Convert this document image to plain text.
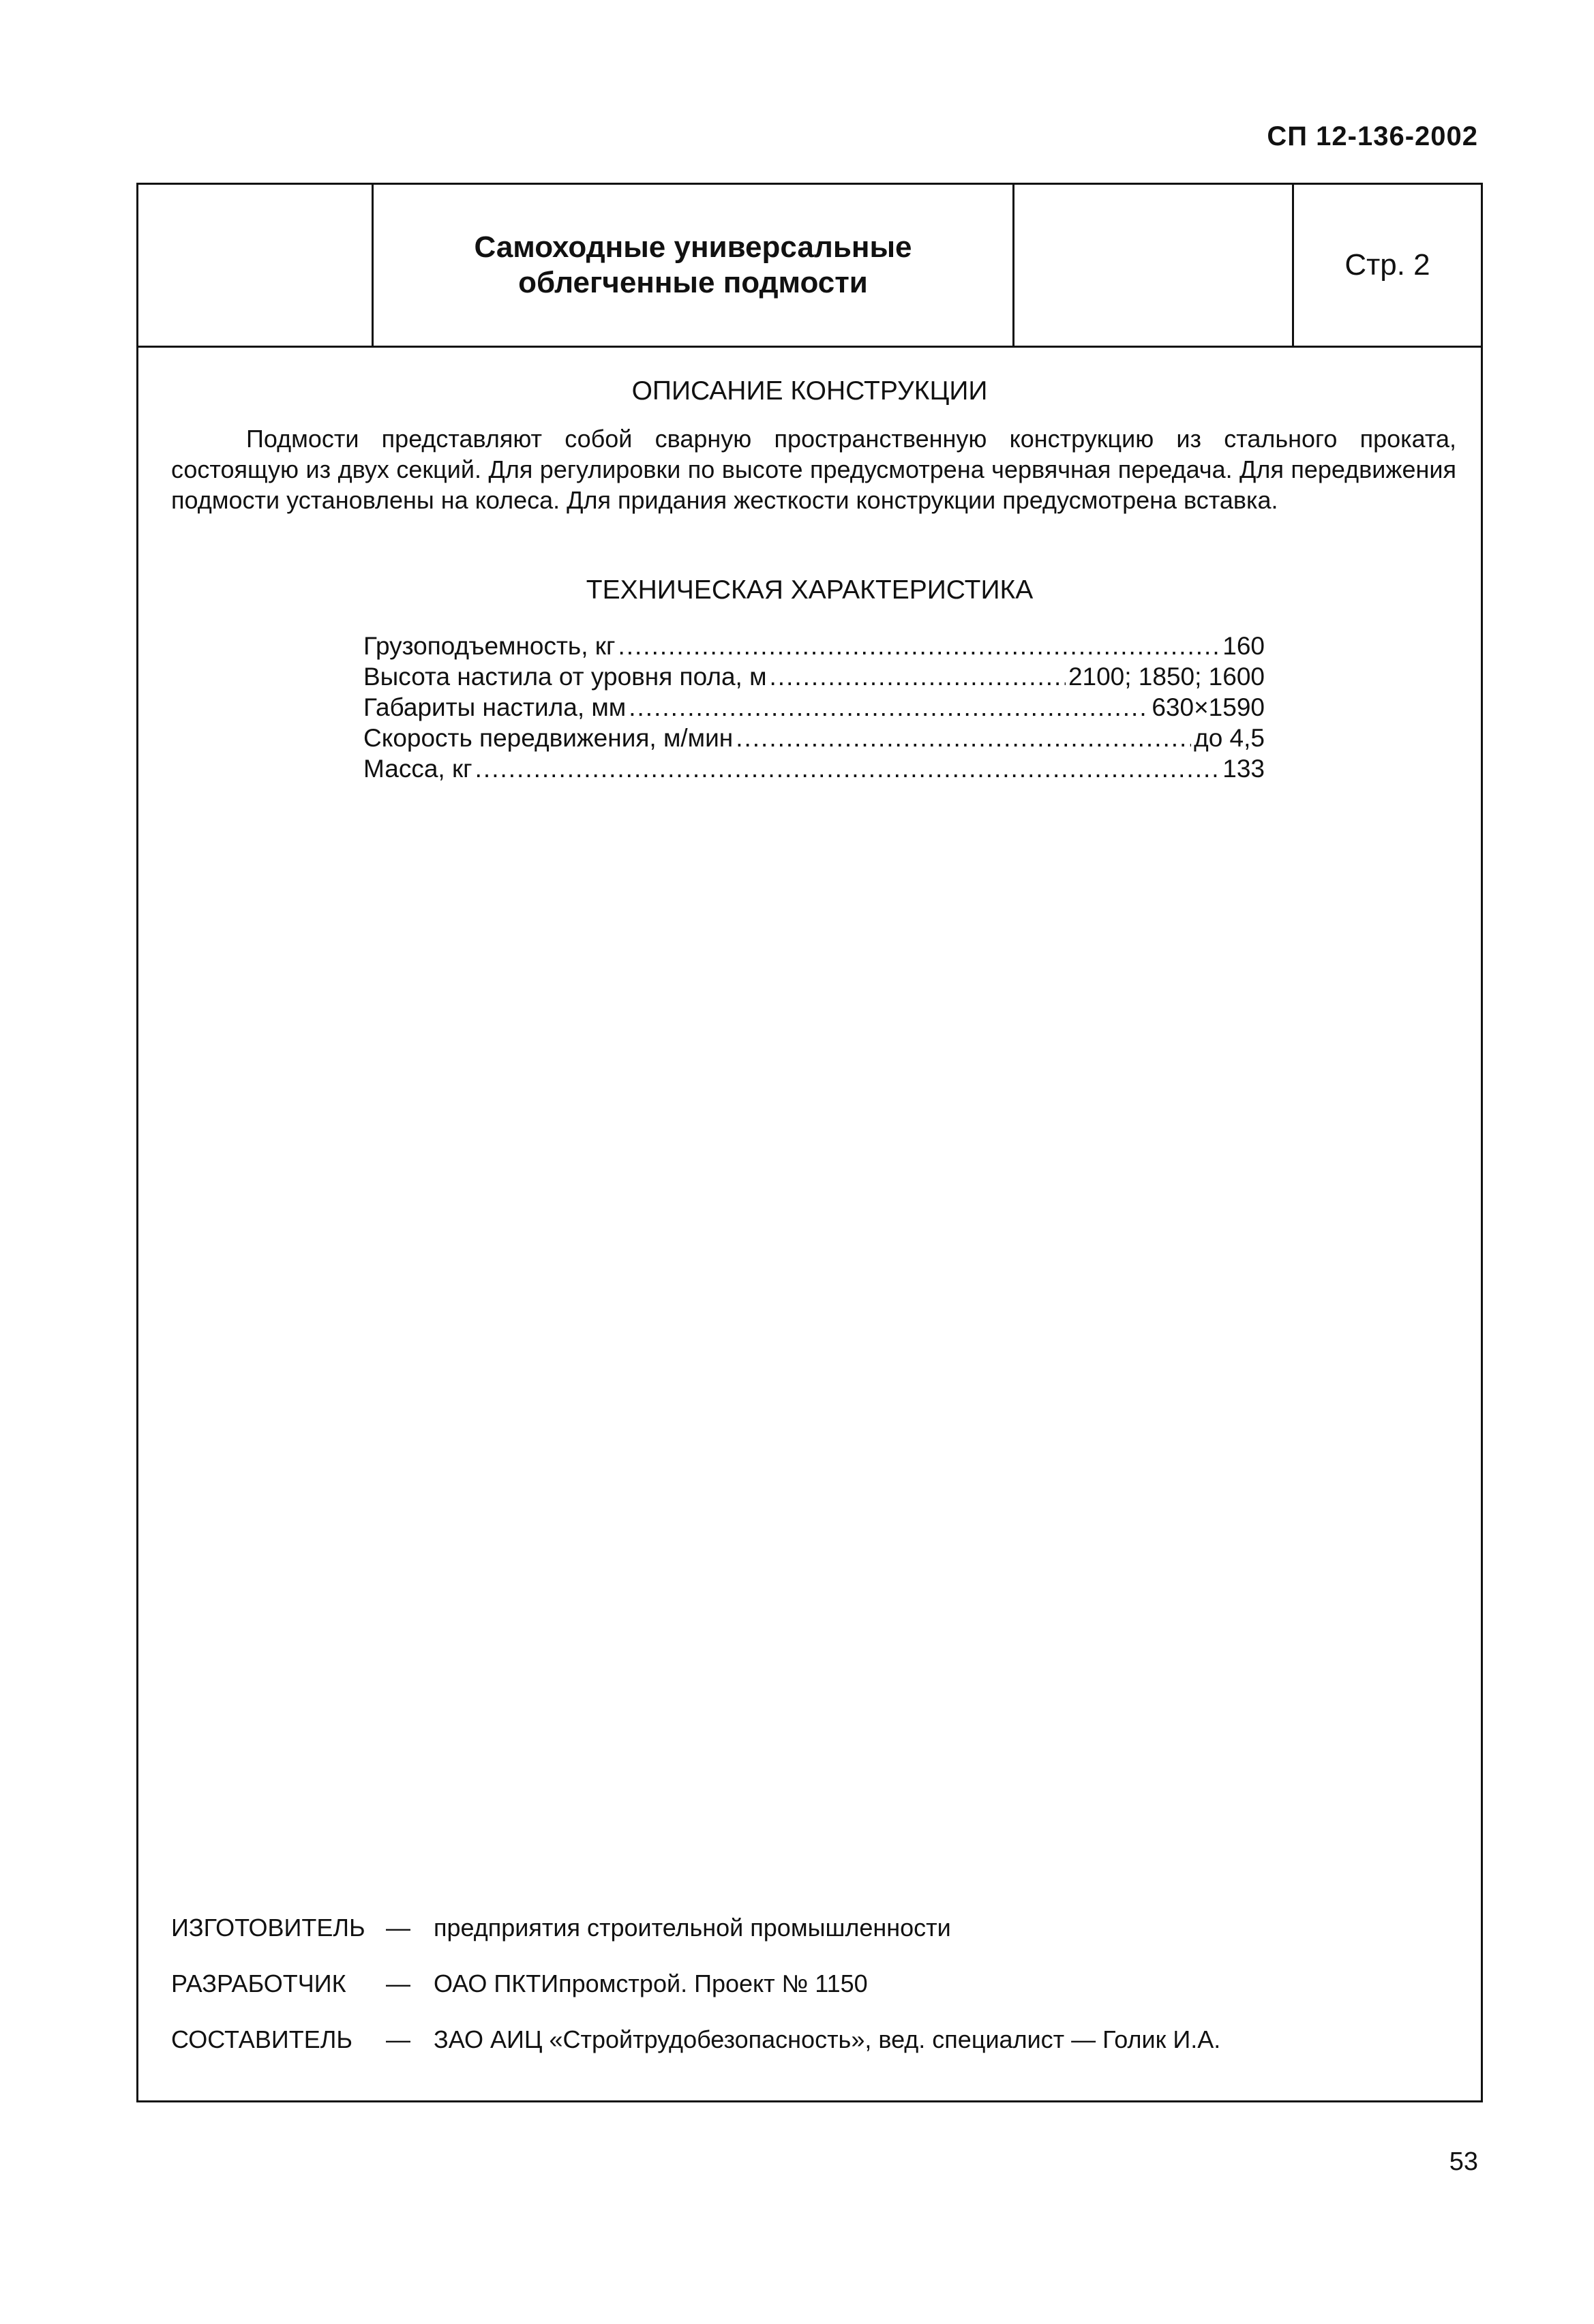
СП 12-136-2002
Самоходные универсальные
облегченные подмости
Стр. 2
ОПИСАНИЕ КОНСТРУКЦИИ
Подмости представляют собой сварную пространственную конструкцию из стального проката, состоящую из двух секций. Для регулировки по высоте предусмотрена червячная передача. Для передвижения подмости установлены на колеса. Для придания жесткости конструкции предусмотрена вставка.
ТЕХНИЧЕСКАЯ ХАРАКТЕРИСТИКА
Грузоподъемность, кг .....	160
Высота настила от уровня пола, м .....	2100; 1850; 1600
Габариты настила, мм .....	630×1590
Скорость передвижения, м/мин .....	до 4,5
Масса, кг .....	133
ИЗГОТОВИТЕЛЬ — предприятия строительной промышленности
РАЗРАБОТЧИК	— ОАО ПКТИпромстрой. Проект № 1150
СОСТАВИТЕЛЬ	— ЗАО АИЦ «Стройтрудобезопасность», вед. специалист — Голик И.А.
53
